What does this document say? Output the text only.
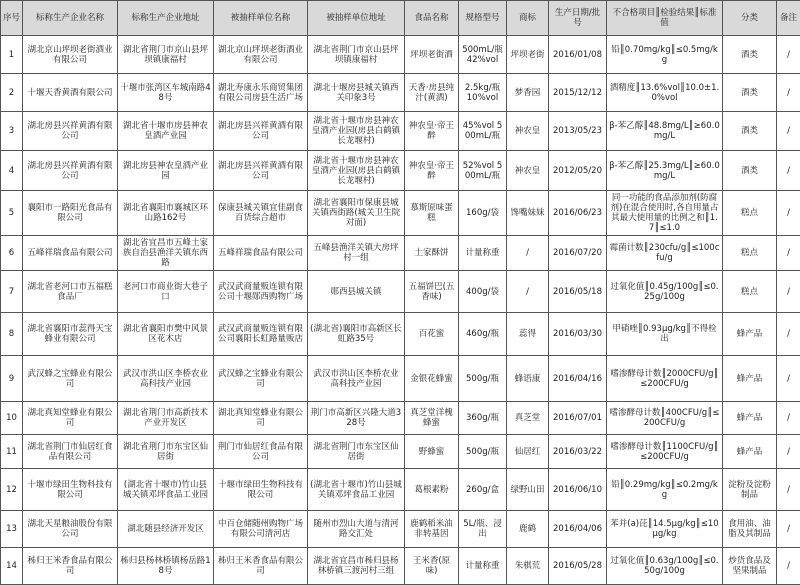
序号	标称生产企业名称	标称生产企业地址	被抽样单位名称	被抽样单位地址	食品名称	规格型号	商标	生产日期/批号	不合格项目║检验结果║标准值	分类	备注
1	湖北京山坪坝老街酒业有限公司	湖北省荆门市京山县坪坝镇康福村	湖北京山坪坝老街酒业有限公司	湖北省荆门市京山县坪坝镇康福村	坪坝老街酒	500mL/瓶 42%vol	坪坝老街	2016/01/08	铅║0.70mg/kg║≤0.5mg/kg	酒类	/
2	十堰天香黄酒有限公司	十堰市张湾区车城南路48号	湖北寿康永乐商贸集团有限公司房县生活广场	湖北十堰房县城关镇西关印象3号	天香·房县纯汁(黄酒)	2.5kg/瓶 10%vol	梦香园	2015/12/12	酒精度║13.6%vol║10.0±1.0%vol	酒类	/
3	湖北房县兴祥黄酒有限公司	湖北省十堰市房县神农皇酒产业园	湖北房县兴祥黄酒有限公司	湖北省十堰市房县神农皇酒产业园(房县白鹤镇长龙堰村)	神农皇·帝王醉	45%vol 500mL/瓶	神农皇	2013/05/23	β-苯乙醇║48.8mg/L║≥60.0mg/L	酒类	/
4	湖北房县兴祥黄酒有限公司	湖北房县神农皇酒产业园	湖北房县兴祥黄酒有限公司	湖北省十堰市房县神农皇酒产业园(房县白鹤镇长龙堰村)	神农皇·帝王醉	52%vol 500mL/瓶	神农皇	2012/05/20	β-苯乙醇║25.3mg/L║≥60.0mg/L	酒类	/
5	襄阳市一路阳光食品有限公司	湖北省襄阳市襄城区环山路162号	保康县城关镇宜佳副食百货综合超市	湖北省襄阳市保康县城关镇西街路(城关卫生院对面)	慕斯原味蛋糕	160g/袋	馋嘴妹妹	2016/06/23	同一功能的食品添加剂(防腐剂)在混合使用时,各自用量占其最大使用量的比例之和║1.7║≤1.0	糕点	/
6	五峰祥瑞食品有限公司	湖北省宜昌市五峰土家族自治县渔洋关镇东西路	五峰祥瑞食品有限公司	五峰县渔洋关镇大房坪村一组	土家酥饼	计量称重	/	2016/07/20	霉菌计数║230cfu/g║≤100cfu/g	糕点	/
7	湖北省老河口市五福糕食品厂	老河口市商业街大巷子口	武汉武商量贩连锁有限公司十堰郧西购物广场	郧西县城关镇	五福饼巴(五香味)	400g/袋	/	2016/05/18	过氧化值║0.45g/100g║≤0.25g/100g	糕点	/
8	湖北省襄阳市蕊得天宝蜂业有限公司	湖北省襄阳市樊中风景区花木店	武汉武商量贩连锁有限公司襄阳长虹路量贩店	(湖北省)襄阳市高新区长虹路35号	百花蜜	460g/瓶	蕊得	2016/03/30	甲硝唑║0.93μg/kg║不得检出	蜂产品	/
9	武汉蜂之宝蜂业有限公司	武汉市洪山区李桥农业高科技产业园	武汉蜂之宝蜂业有限公司	武汉市洪山区李桥农业高科技产业园	金银花蜂蜜	500g/瓶	蜂语康	2016/04/16	嗜渗酵母计数║2000CFU/g║≤200CFU/g	蜂产品	/
10	湖北真知堂蜂业有限公司	湖北省荆门市高新技术产业开发区	湖北真知堂蜂业有限公司	荆门市高新区兴隆大道328号	真芝堂洋槐蜂蜜	360g/瓶	真芝堂	2016/07/01	嗜渗酵母计数║400CFU/g║≤200CFU/g	蜂产品	/
11	湖北省荆门市仙居红食品有限公司	湖北省荆门市东宝区仙居街	荆门市仙居红食品有限公司	湖北省荆门市东宝区仙居街	野蜂蜜	500g/瓶	仙居红	2016/03/22	嗜渗酵母计数║1100CFU/g║≤200CFU/g	蜂产品	/
12	十堰市绿田生物科技有限公司	(湖北省十堰市)竹山县城关镇邓坪食品工业园	十堰市绿田生物科技有限公司	(湖北省十堰市)竹山县城关镇邓坪食品工业园	葛根素粉	260g/盒	绿野山田	2016/06/10	铅║0.29mg/kg║≤0.2mg/kg	淀粉及淀粉制品	/
13	湖北天星粮油股份有限公司	湖北随县经济开发区	中百仓储随州购物广场有限公司清河店	随州市烈山大道与清河路交汇处	鹿鹤稻米油 非转基因	5L/瓶、浸出	鹿鹤	2016/04/06	苯并(a)芘║14.5μg/kg║≤10μg/kg	食用油、油脂及其制品	/
14	秭归王米香食品有限公司	秭归县杨林桥镇杨岳路18号	秭归王米香食品有限公司	湖北省宜昌市秭归县杨林桥镇三渡河村三组	王米香(原味)	计量称重	朱棋荒	2016/05/28	过氧化值║0.63g/100g║≤0.50g/100g	炒货食品及坚果制品	/
